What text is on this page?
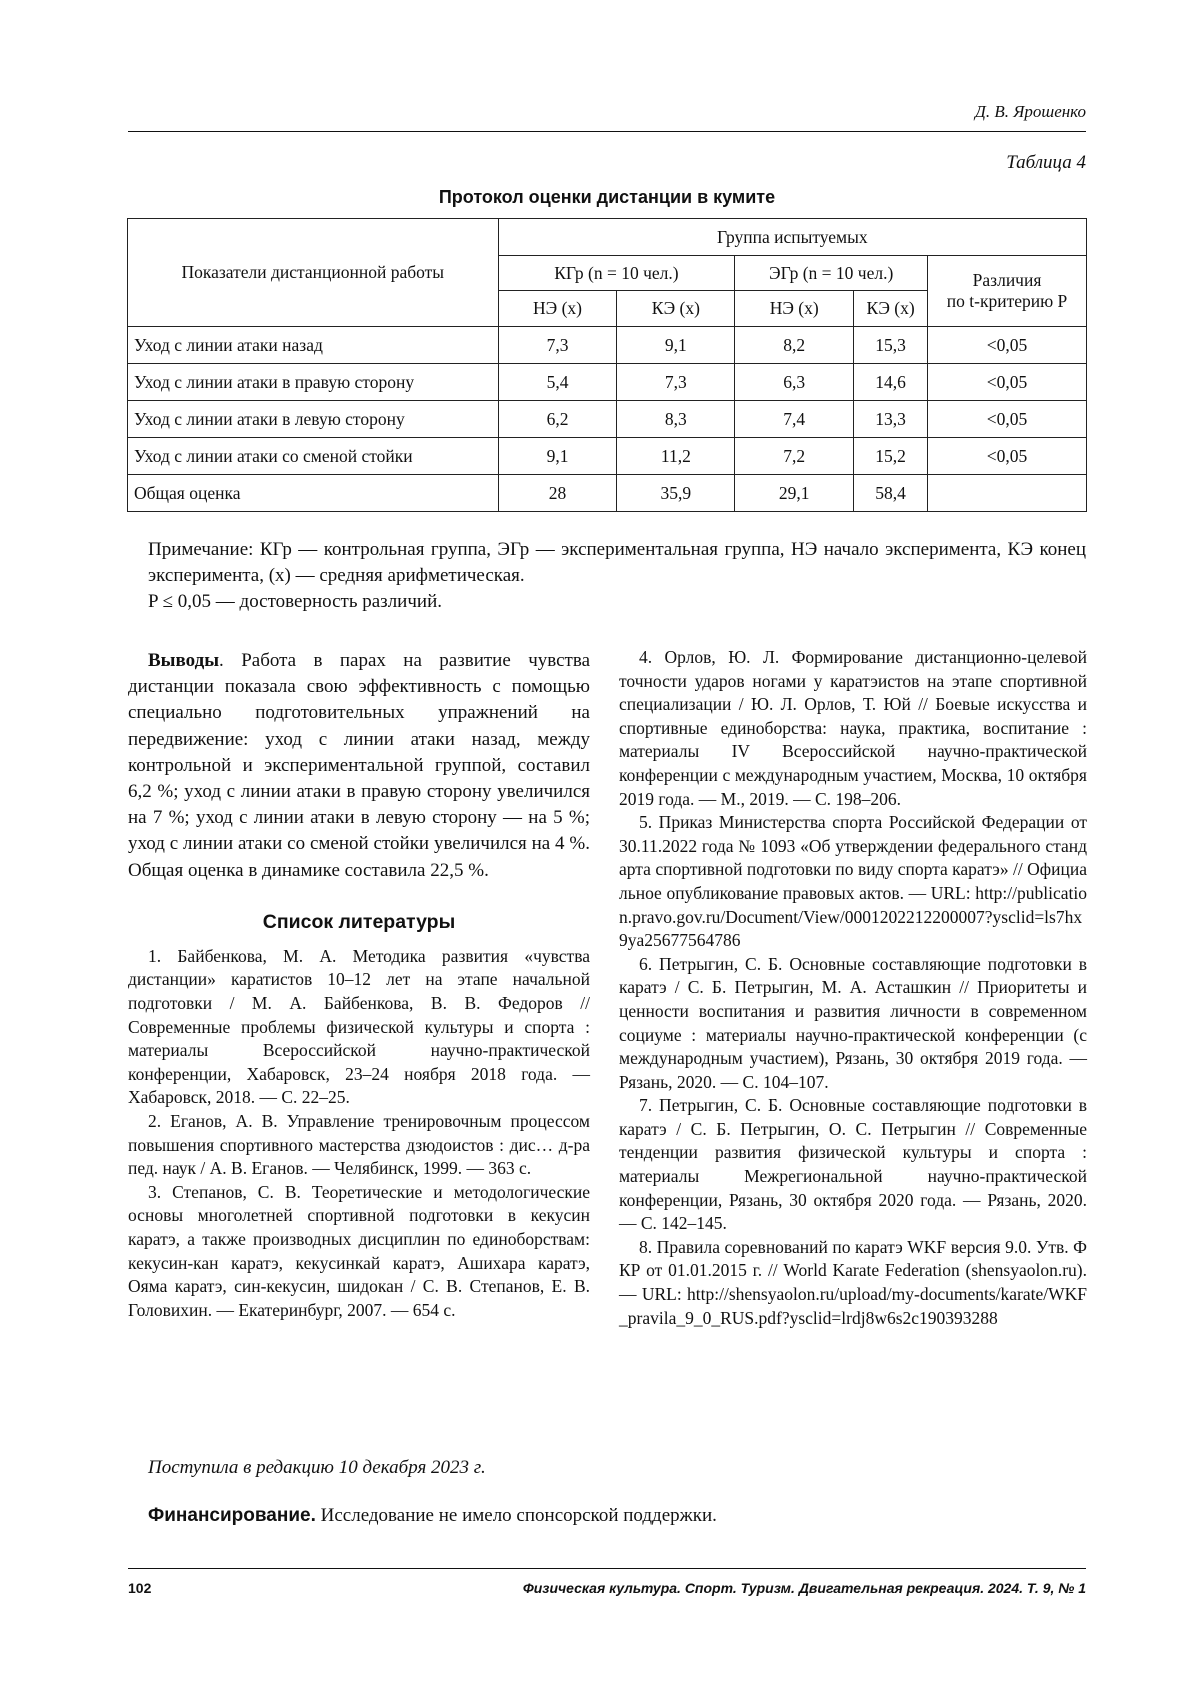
Д. В. Ярошенко
Таблица 4
Протокол оценки дистанции в кумите
Показатели дистанционной работы	Группа испытуемых				
	КГр (n = 10 чел.)		ЭГр (n = 10 чел.)		Различия
по t-критерию P
	НЭ (x)	КЭ (x)	НЭ (x)	КЭ (x)	
Уход с линии атаки назад	7,3	9,1	8,2	15,3	<0,05
Уход с линии атаки в правую сторону	5,4	7,3	6,3	14,6	<0,05
Уход с линии атаки в левую сторону	6,2	8,3	7,4	13,3	<0,05
Уход с линии атаки со сменой стойки	9,1	11,2	7,2	15,2	<0,05
Общая оценка	28	35,9	29,1	58,4	

Примечание: КГр — контрольная группа, ЭГр — экспериментальная группа, НЭ начало эксперимента, КЭ конец эксперимента, (x) — средняя арифметическая.

P ≤ 0,05 — достоверность различий.

Выводы. Работа в парах на развитие чувства дистанции показала свою эффективность с помощью специально подготовительных упражнений на передвижение: уход с линии атаки назад, между контрольной и экспериментальной группой, составил 6,2 %; уход с линии атаки в правую сторону увеличился на 7 %; уход с линии атаки в левую сторону — на 5 %; уход с линии атаки со сменой стойки увеличился на 4 %. Общая оценка в динамике составила 22,5 %.

Список литературы

1. Байбенкова, М. А. Методика развития «чувства дистанции» каратистов 10–12 лет на этапе начальной подготовки / М. А. Байбенкова, В. В. Федоров // Современные проблемы физической культуры и спорта : материалы Всероссийской научно-практической конференции, Хабаровск, 23–24 ноября 2018 года. — Хабаровск, 2018. — С. 22–25.

2. Еганов, А. В. Управление тренировочным процессом повышения спортивного мастерства дзюдоистов : дис… д-ра пед. наук / А. В. Еганов. — Челябинск, 1999. — 363 с.

3. Степанов, С. В. Теоретические и методологические основы многолетней спортивной подготовки в кекусин каратэ, а также производных дисциплин по единоборствам: кекусин-кан каратэ, кекусинкай каратэ, Ашихара каратэ, Ояма каратэ, син-кекусин, шидокан / С. В. Степанов, Е. В. Головихин. — Екатеринбург, 2007. — 654 с.

4. Орлов, Ю. Л. Формирование дистанционно-целевой точности ударов ногами у каратэистов на этапе спортивной специализации / Ю. Л. Орлов, Т. Юй // Боевые искусства и спортивные единоборства: наука, практика, воспитание : материалы IV Всероссийской научно-практической конференции с международным участием, Москва, 10 октября 2019 года. — М., 2019. — С. 198–206.

5. Приказ Министерства спорта Российской Федерации от 30.11.2022 года № 1093 «Об утверждении федерального стандарта спортивной подготовки по виду спорта каратэ» // Официальное опубликование правовых актов. — URL: http://publication.pravo.gov.ru/Document/View/0001202212200007?ysclid=ls7hx9ya25677564786

6. Петрыгин, С. Б. Основные составляющие подготовки в каратэ / С. Б. Петрыгин, М. А. Асташкин // Приоритеты и ценности воспитания и развития личности в современном социуме : материалы научно-практической конференции (с международным участием), Рязань, 30 октября 2019 года. — Рязань, 2020. — С. 104–107.

7. Петрыгин, С. Б. Основные составляющие подготовки в каратэ / С. Б. Петрыгин, О. С. Петрыгин // Современные тенденции развития физической культуры и спорта : материалы Межрегиональной научно-практической конференции, Рязань, 30 октября 2020 года. — Рязань, 2020. — С. 142–145.

8. Правила соревнований по каратэ WKF версия 9.0. Утв. ФКР от 01.01.2015 г. // World Karate Federation (shensyaolon.ru). — URL: http://shensyaolon.ru/upload/my-documents/karate/WKF_pravila_9_0_RUS.pdf?ysclid=lrdj8w6s2c190393288

Поступила в редакцию 10 декабря 2023 г.
Финансирование. Исследование не имело спонсорской поддержки.
102	Физическая культура. Спорт. Туризм. Двигательная рекреация. 2024. Т. 9, № 1
